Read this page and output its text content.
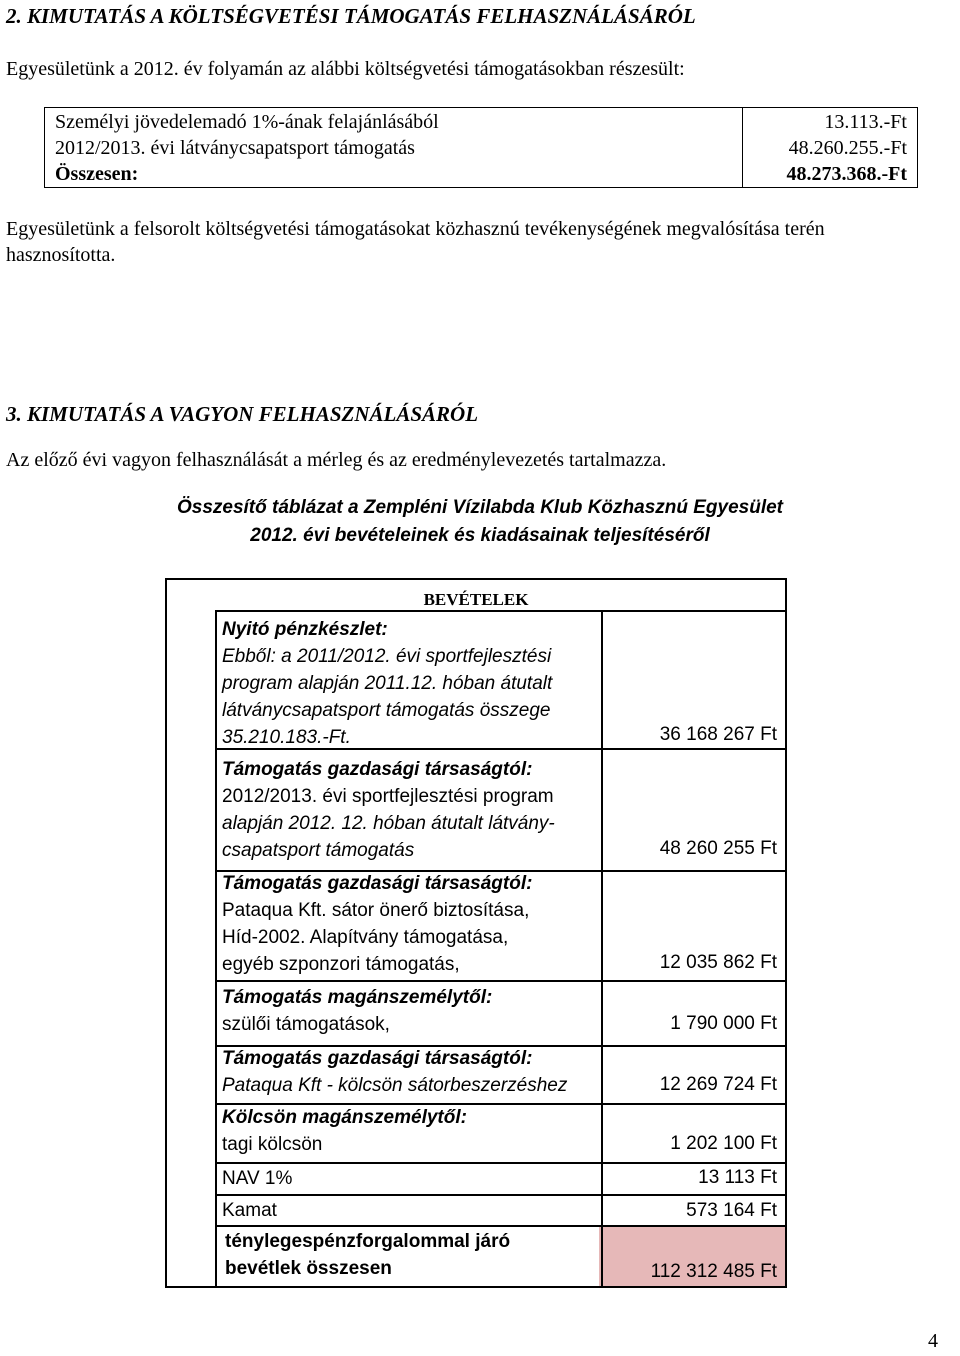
2. KIMUTATÁS A KÖLTSÉGVETÉSI TÁMOGATÁS FELHASZNÁLÁSÁRÓL
Egyesületünk a 2012. év folyamán az alábbi költségvetési támogatásokban részesült:
Személyi jövedelemadó 1%-ának felajánlásából	13.113.-Ft
2012/2013. évi látványcsapatsport támogatás	48.260.255.-Ft
Összesen:	48.273.368.-Ft
Egyesületünk a felsorolt költségvetési támogatásokat közhasznú tevékenységének megvalósítása terén
hasznosította.
3. KIMUTATÁS A VAGYON FELHASZNÁLÁSÁRÓL
Az előző évi vagyon felhasználását a mérleg és az eredménylevezetés tartalmazza.
Összesítő táblázat a Zempléni Vízilabda Klub Közhasznú Egyesület
2012. évi bevételeinek és kiadásainak teljesítéséről
BEVÉTELEK
Nyitó pénzkészlet:
Ebből: a 2011/2012. évi sportfejlesztési
program alapján 2011.12. hóban átutalt
látványcsapatsport támogatás összege
35.210.183.-Ft.	36 168 267 Ft
Támogatás gazdasági társaságtól:
2012/2013. évi sportfejlesztési program
alapján 2012. 12. hóban átutalt látvány-
csapatsport támogatás	48 260 255 Ft
Támogatás gazdasági társaságtól:
Pataqua Kft. sátor önerő biztosítása,
Híd-2002. Alapítvány támogatása,
egyéb szponzori támogatás,	12 035 862 Ft
Támogatás magánszemélytől:
szülői támogatások,	1 790 000 Ft
Támogatás gazdasági társaságtól:
Pataqua Kft - kölcsön sátorbeszerzéshez	12 269 724 Ft
Kölcsön magánszemélytől:
tagi kölcsön	1 202 100 Ft
NAV 1%	13 113 Ft
Kamat	573 164 Ft
ténylegespénzforgalommal járó
bevétlek összesen	112 312 485 Ft
4
